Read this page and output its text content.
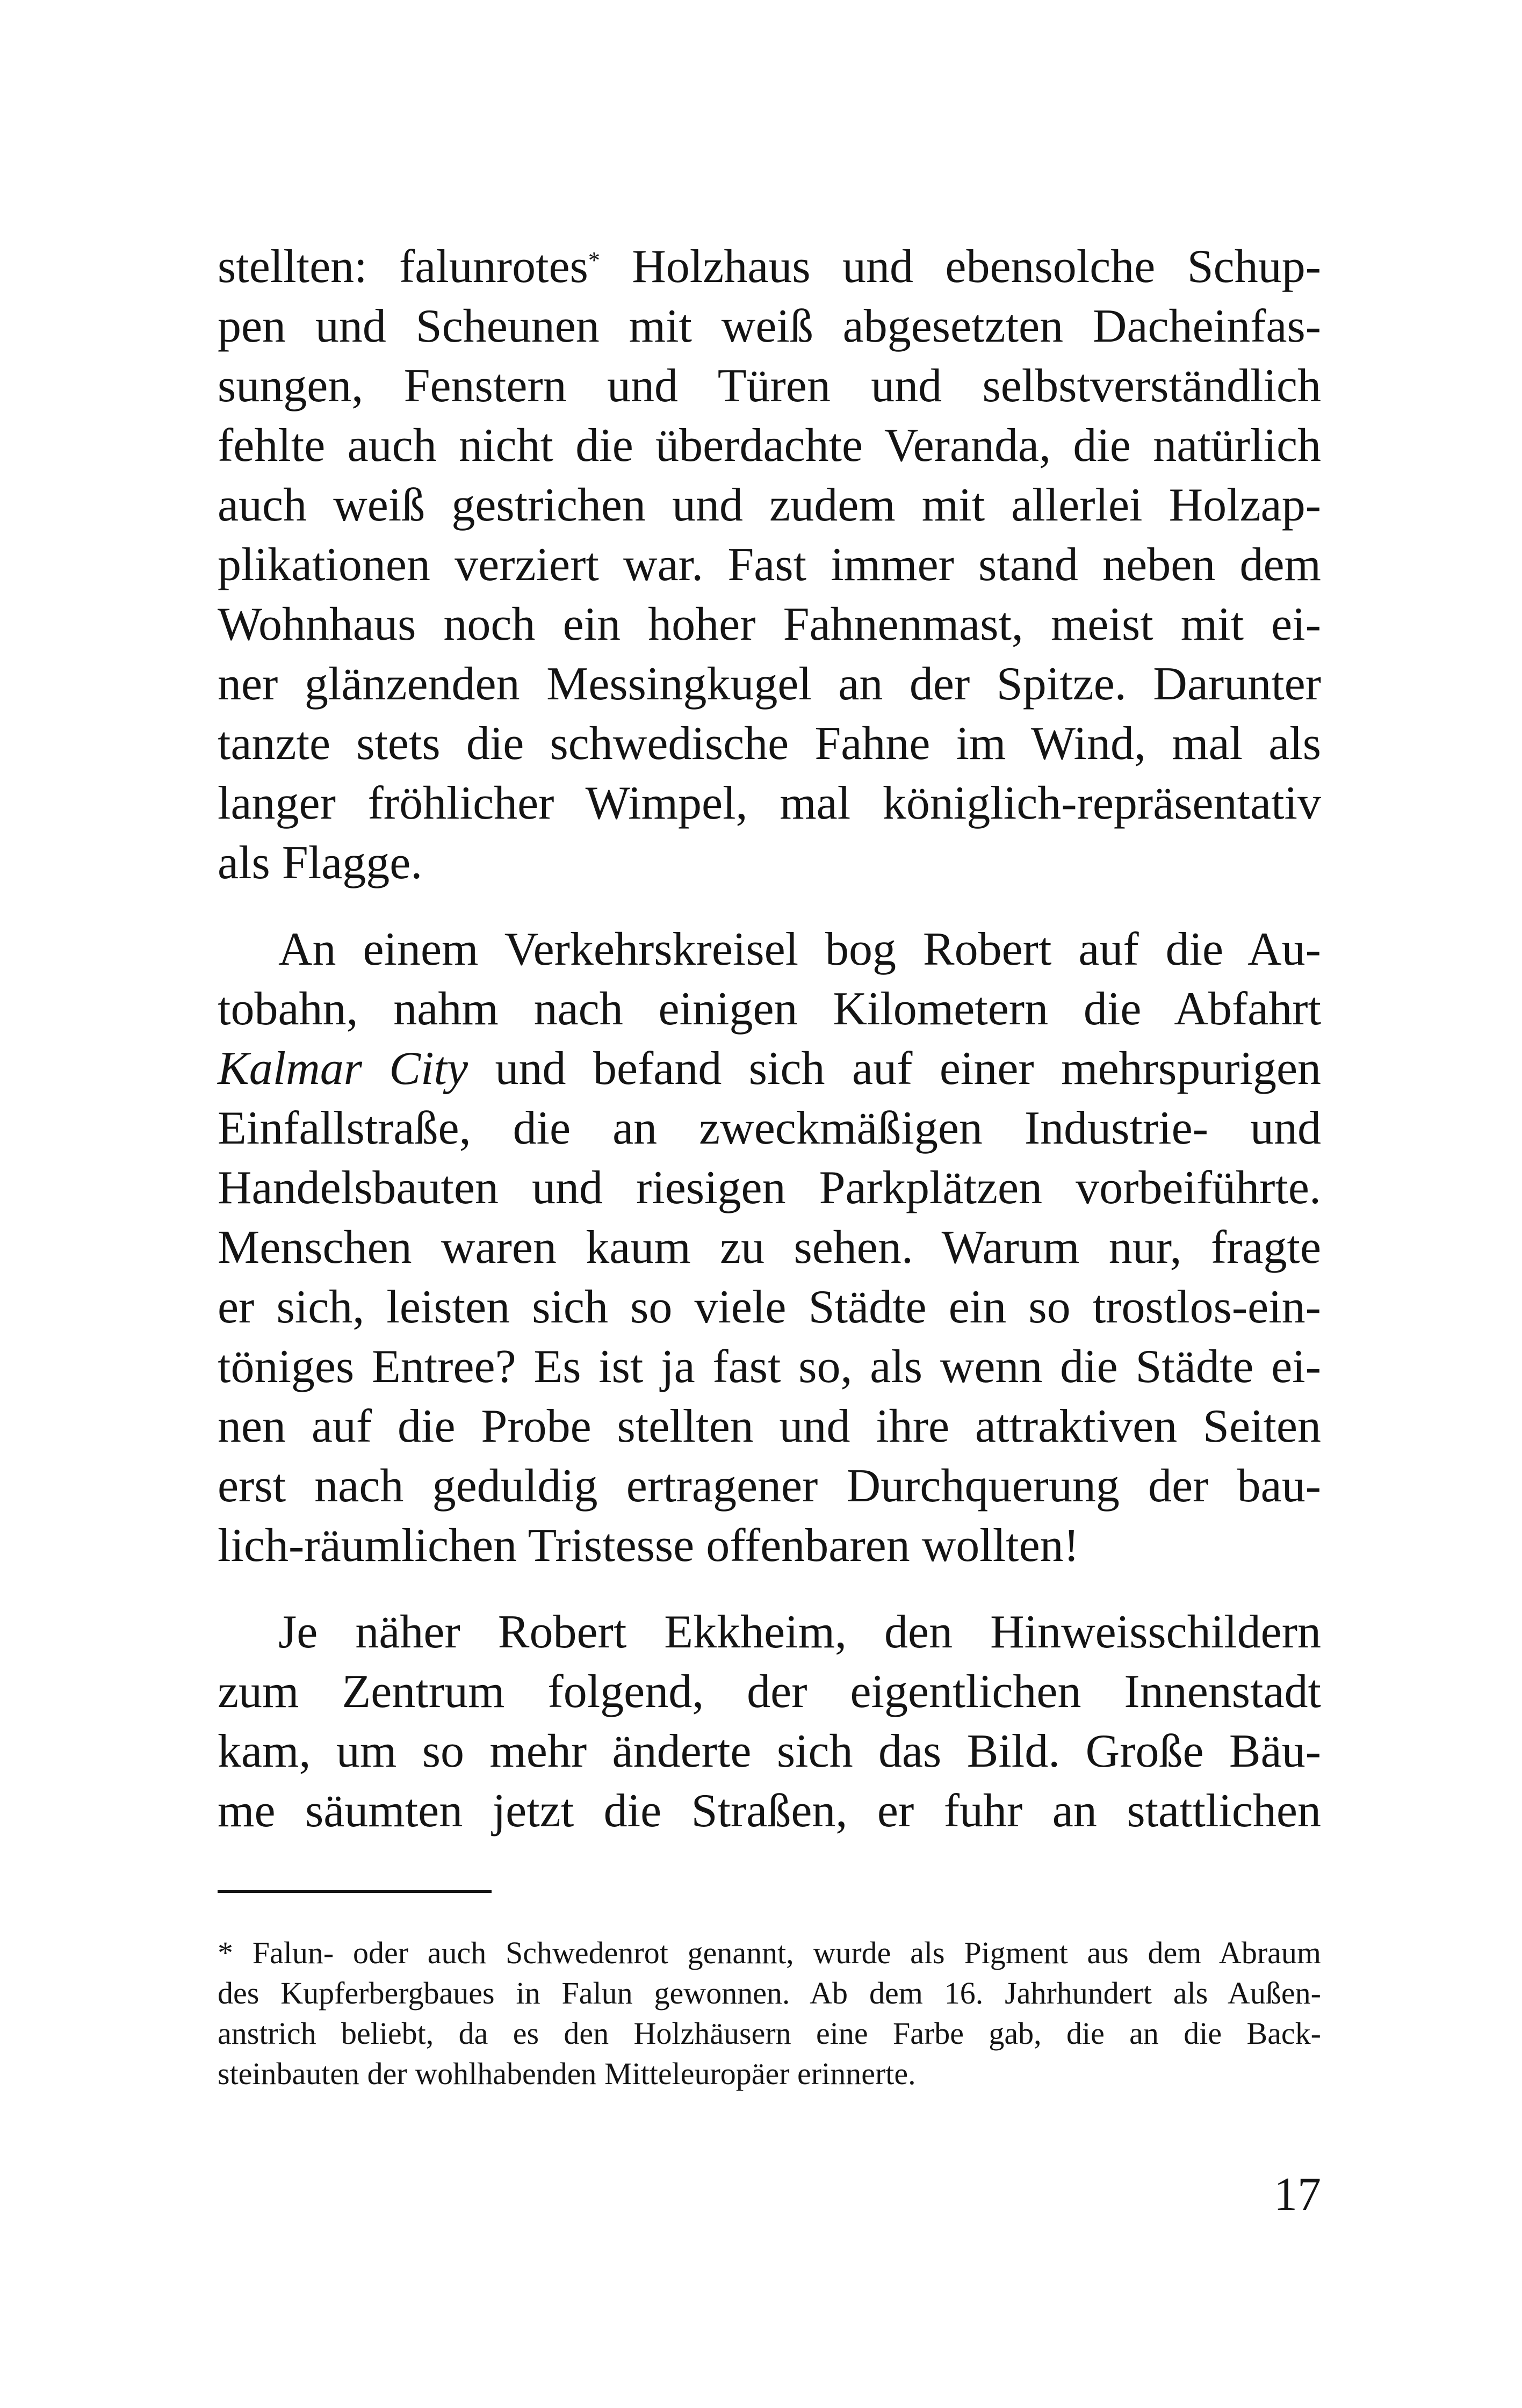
stellten: falunrotes* Holzhaus und ebensolche Schup-
pen und Scheunen mit weiß abgesetzten Dacheinfas-
sungen, Fenstern und Türen und selbstverständlich
fehlte auch nicht die überdachte Veranda, die natürlich
auch weiß gestrichen und zudem mit allerlei Holzap-
plikationen verziert war. Fast immer stand neben dem
Wohnhaus noch ein hoher Fahnenmast, meist mit ei-
ner glänzenden Messingkugel an der Spitze. Darunter
tanzte stets die schwedische Fahne im Wind, mal als
langer fröhlicher Wimpel, mal königlich-repräsentativ
als Flagge.
An einem Verkehrskreisel bog Robert auf die Au-
tobahn, nahm nach einigen Kilometern die Abfahrt
Kalmar City und befand sich auf einer mehrspurigen
Einfallstraße, die an zweckmäßigen Industrie- und
Handelsbauten und riesigen Parkplätzen vorbeiführte.
Menschen waren kaum zu sehen. Warum nur, fragte
er sich, leisten sich so viele Städte ein so trostlos-ein-
töniges Entree? Es ist ja fast so, als wenn die Städte ei-
nen auf die Probe stellten und ihre attraktiven Seiten
erst nach geduldig ertragener Durchquerung der bau-
lich-räumlichen Tristesse offenbaren wollten!
Je näher Robert Ekkheim, den Hinweisschildern
zum Zentrum folgend, der eigentlichen Innenstadt
kam, um so mehr änderte sich das Bild. Große Bäu-
me säumten jetzt die Straßen, er fuhr an stattlichen
* Falun- oder auch Schwedenrot genannt, wurde als Pigment aus dem Abraum
des Kupferbergbaues in Falun gewonnen. Ab dem 16. Jahrhundert als Außen-
anstrich beliebt, da es den Holzhäusern eine Farbe gab, die an die Back-
steinbauten der wohlhabenden Mitteleuropäer erinnerte.
17
